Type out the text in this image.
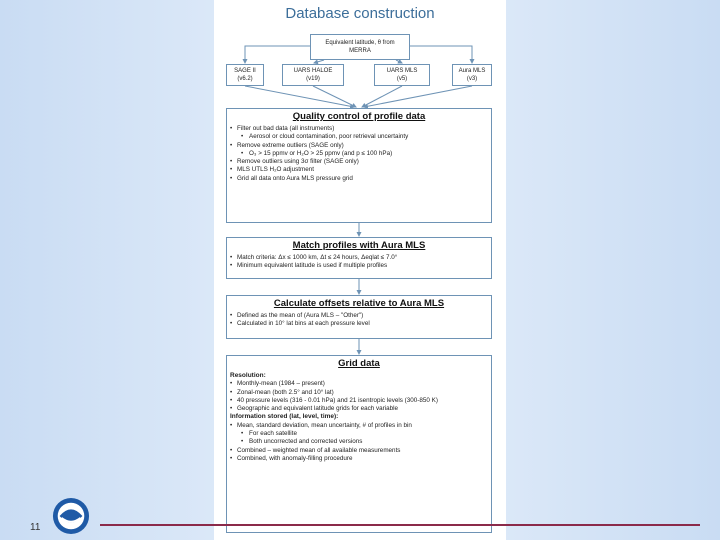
Database construction
Equivalent latitude, θ from MERRA
SAGE II
(v6.2)
UARS HALOE
(v19)
UARS MLS
(v5)
Aura MLS
(v3)
Quality control of profile data
• Filter out bad data (all instruments)
• Aerosol or cloud contamination, poor retrieval uncertainty
• Remove extreme outliers (SAGE only)
• O₃ > 15 ppmv or H₂O > 25 ppmv (and p ≤ 100 hPa)
• Remove outliers using 3σ filter (SAGE only)
• MLS UTLS H₂O adjustment
• Grid all data onto Aura MLS pressure grid
Match profiles with Aura MLS
• Match criteria: Δx ≤ 1000 km, Δt ≤ 24 hours, Δeqlat ≤ 7.0°
• Minimum equivalent latitude is used if multiple profiles
Calculate offsets relative to Aura MLS
• Defined as the mean of (Aura MLS – "Other")
• Calculated in 10° lat bins at each pressure level
Grid data
Resolution:
• Monthly-mean (1984 – present)
• Zonal-mean (both 2.5° and 10° lat)
• 40 pressure levels (316 - 0.01 hPa) and 21 isentropic levels (300-850 K)
• Geographic and equivalent latitude grids for each variable
Information stored (lat, level, time):
• Mean, standard deviation, mean uncertainty, # of profiles in bin
• For each satellite
• Both uncorrected and corrected versions
• Combined – weighted mean of all available measurements
• Combined, with anomaly-filling procedure
11
